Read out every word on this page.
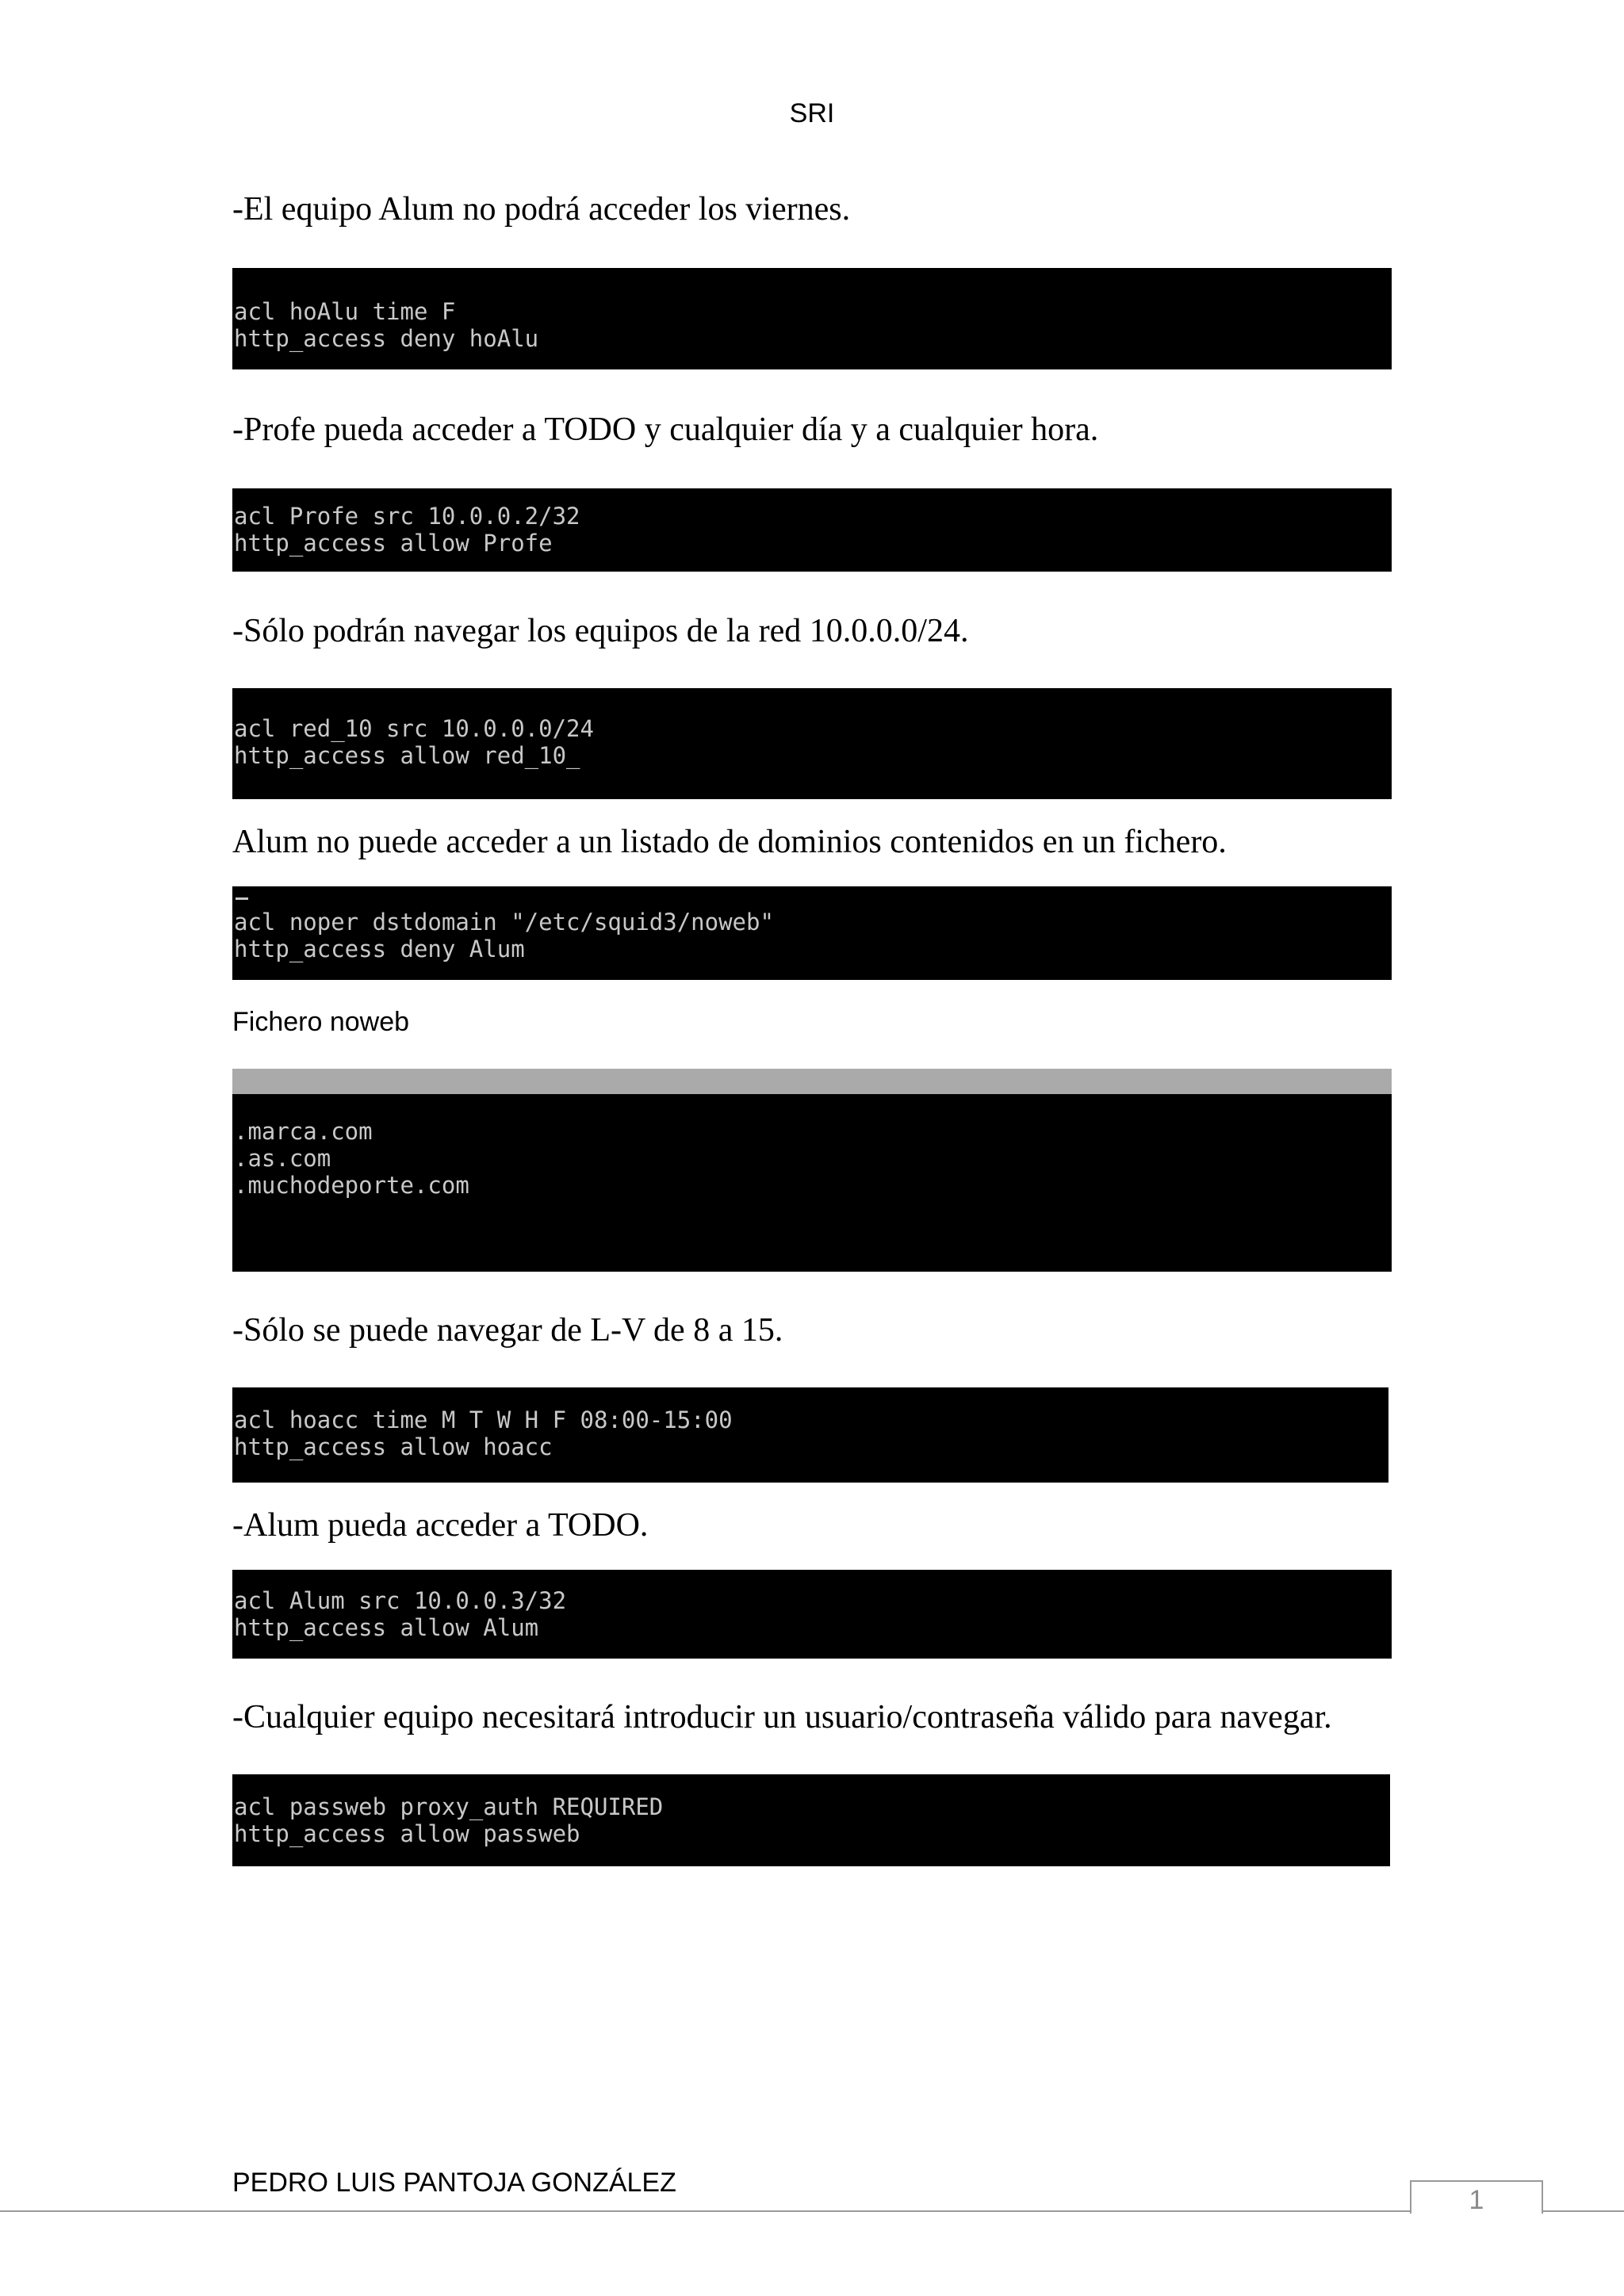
SRI
-El equipo Alum no podrá acceder los viernes.
acl hoAlu time F
http_access deny hoAlu
-Profe pueda acceder a TODO y cualquier día y a cualquier hora.
acl Profe src 10.0.0.2/32
http_access allow Profe
-Sólo podrán navegar los equipos de la red 10.0.0.0/24.
acl red_10 src 10.0.0.0/24
http_access allow red_10_
Alum no puede acceder a un listado de dominios contenidos en un fichero.
acl noper dstdomain "/etc/squid3/noweb"
http_access deny Alum
Fichero noweb

GNU nano 2.2.4

Fichero: noweb

.marca.com
.as.com
.muchodeporte.com
-Sólo se puede navegar de L-V de 8 a 15.
acl hoacc time M T W H F 08:00-15:00
http_access allow hoacc
-Alum pueda acceder a TODO.
acl Alum src 10.0.0.3/32
http_access allow Alum
-Cualquier equipo necesitará introducir un usuario/contraseña válido para navegar.
acl passweb proxy_auth REQUIRED
http_access allow passweb
PEDRO LUIS PANTOJA GONZÁLEZ
1
